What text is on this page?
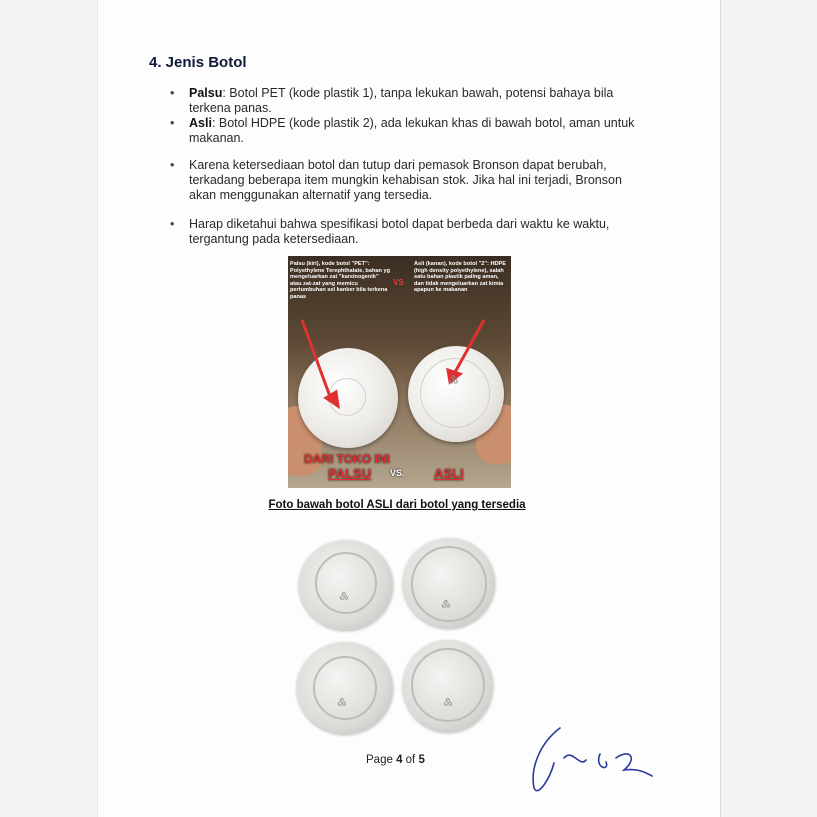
4. Jenis Botol
• Palsu: Botol PET (kode plastik 1), tanpa lekukan bawah, potensi bahaya bila terkena panas.
• Asli: Botol HDPE (kode plastik 2), ada lekukan khas di bawah botol, aman untuk makanan.
• Karena ketersediaan botol dan tutup dari pemasok Bronson dapat berubah, terkadang beberapa item mungkin kehabisan stok. Jika hal ini terjadi, Bronson akan menggunakan alternatif yang tersedia.
• Harap diketahui bahwa spesifikasi botol dapat berbeda dari waktu ke waktu, tergantung pada ketersediaan.
Palsu (kiri), kode botol "PET": Polyethylene Terephthalate, bahan yg mengeluarkan zat "karsinogenik" atau zat-zat yang memicu pertumbuhan sel kanker bila terkena panas
VS
Asli (kanan), kode botol "2": HDPE (high density polyethylene), salah satu bahan plastik paling aman, dan tidak mengeluarkan zat kimia apapun ke makanan
♷
DARI TOKO INI
PALSU VS. ASLI
Foto bawah botol ASLI dari botol yang tersedia
♷
♷
♷	♷
Page 4 of 5
